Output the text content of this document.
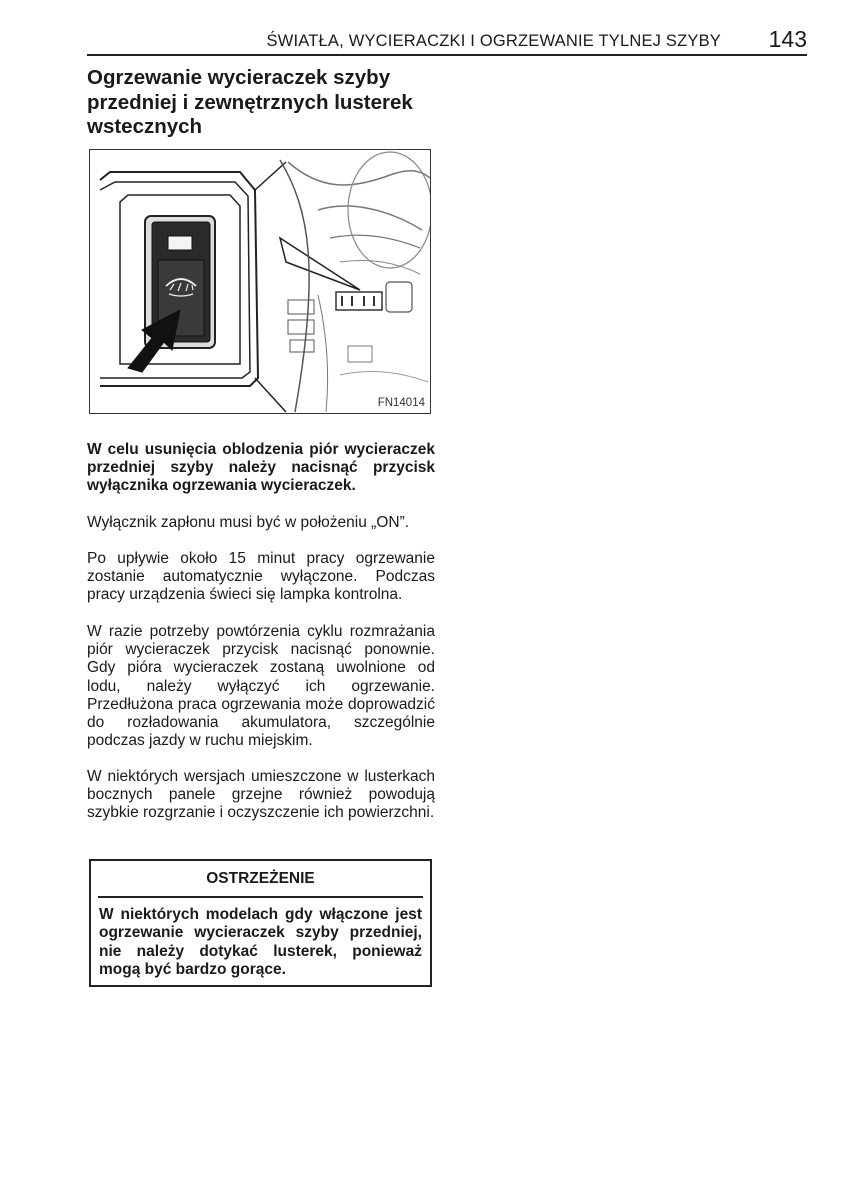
ŚWIATŁA, WYCIERACZKI I OGRZEWANIE TYLNEJ SZYBY 143
Ogrzewanie wycieraczek szyby przedniej i zewnętrznych lusterek wstecznych
FN14014

W celu usunięcia oblodzenia piór wycieraczek przedniej szyby należy nacisnąć przycisk wyłącznika ogrzewania wycieraczek.

Wyłącznik zapłonu musi być w położeniu „ON”.

Po upływie około 15 minut pracy ogrzewanie zostanie automatycznie wyłączone. Podczas pracy urządzenia świeci się lampka kontrolna.

W razie potrzeby powtórzenia cyklu rozmrażania piór wycieraczek przycisk nacisnąć ponownie. Gdy pióra wycieraczek zostaną uwolnione od lodu, należy wyłączyć ich ogrzewanie. Przedłużona praca ogrzewania może doprowadzić do rozładowania akumulatora, szczególnie podczas jazdy w ruchu miejskim.

W niektórych wersjach umieszczone w lusterkach bocznych panele grzejne również powodują szybkie rozgrzanie i oczyszczenie ich powierzchni.

OSTRZEŻENIE

W niektórych modelach gdy włączone jest ogrzewanie wycieraczek szyby przedniej, nie należy dotykać lusterek, ponieważ mogą być bardzo gorące.
